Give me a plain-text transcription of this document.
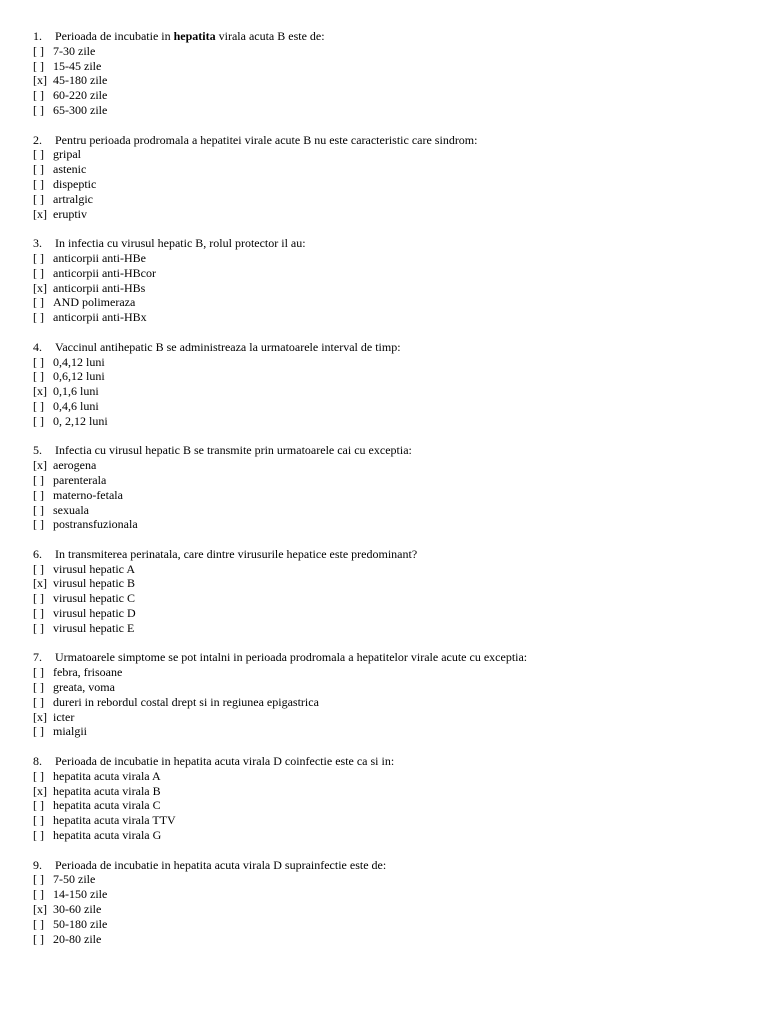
1. Perioada de incubatie in hepatita virala acuta B este de:
[ ] 7-30 zile
[ ] 15-45 zile
[x] 45-180 zile
[ ] 60-220 zile
[ ] 65-300 zile
2. Pentru perioada prodromala a hepatitei virale acute B nu este caracteristic care sindrom:
[ ] gripal
[ ] astenic
[ ] dispeptic
[ ] artralgic
[x] eruptiv
3. In infectia cu virusul hepatic B, rolul protector il au:
[ ] anticorpii anti-HBe
[ ] anticorpii anti-HBcor
[x] anticorpii anti-HBs
[ ] AND polimeraza
[ ] anticorpii anti-HBx
4. Vaccinul antihepatic B se administreaza la urmatoarele interval de timp:
[ ] 0,4,12 luni
[ ] 0,6,12 luni
[x] 0,1,6 luni
[ ] 0,4,6 luni
[ ] 0, 2,12 luni
5. Infectia cu virusul hepatic B se transmite prin urmatoarele cai cu exceptia:
[x] aerogena
[ ] parenterala
[ ] materno-fetala
[ ] sexuala
[ ] postransfuzionala
6. In transmiterea perinatala, care dintre virusurile hepatice este predominant?
[ ] virusul hepatic A
[x] virusul hepatic B
[ ] virusul hepatic C
[ ] virusul hepatic D
[ ] virusul hepatic E
7. Urmatoarele simptome se pot intalni in perioada prodromala a hepatitelor virale acute cu exceptia:
[ ] febra, frisoane
[ ] greata, voma
[ ] dureri in rebordul costal drept si in regiunea epigastrica
[x] icter
[ ] mialgii
8. Perioada de incubatie in hepatita acuta virala D coinfectie este ca si in:
[ ] hepatita acuta virala A
[x] hepatita acuta virala B
[ ] hepatita acuta virala C
[ ] hepatita acuta virala TTV
[ ] hepatita acuta virala G
9. Perioada de incubatie in hepatita acuta virala D suprainfectie este de:
[ ] 7-50 zile
[ ] 14-150 zile
[x] 30-60 zile
[ ] 50-180 zile
[ ] 20-80 zile
